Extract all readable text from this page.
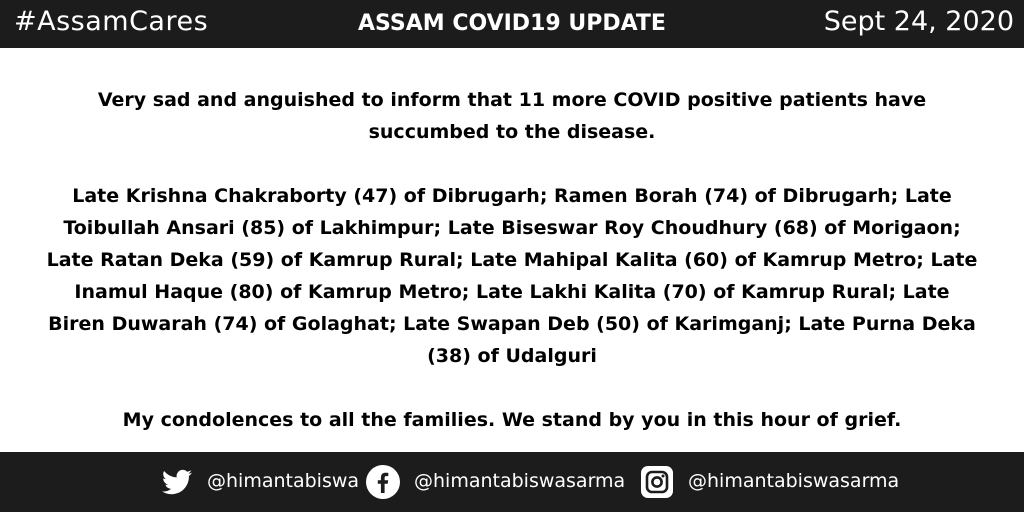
#AssamCares	ASSAM COVID19 UPDATE	Sept 24, 2020

Very sad and anguished to inform that 11 more COVID positive patients have succumbed to the disease.

Late Krishna Chakraborty (47) of Dibrugarh; Ramen Borah (74) of Dibrugarh; Late Toibullah Ansari (85) of Lakhimpur; Late Biseswar Roy Choudhury (68) of Morigaon; Late Ratan Deka (59) of Kamrup Rural; Late Mahipal Kalita (60) of Kamrup Metro; Late Inamul Haque (80) of Kamrup Metro; Late Lakhi Kalita (70) of Kamrup Rural; Late Biren Duwarah (74) of Golaghat; Late Swapan Deb (50) of Karimganj; Late Purna Deka (38) of Udalguri

My condolences to all the families. We stand by you in this hour of grief.

@himantabiswa	@himantabiswasarma	@himantabiswasarma
